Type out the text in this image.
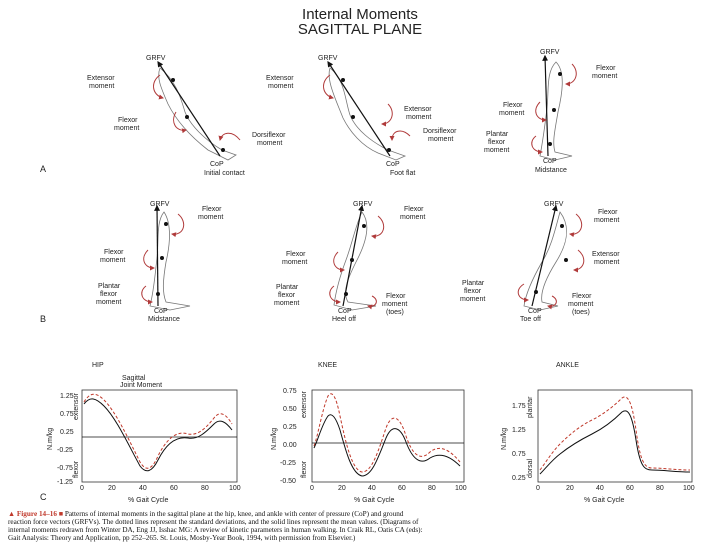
Internal Moments
SAGITTAL PLANE
A
GRFV
CoP
Initial contact
Extensor moment
Flexor moment
Dorsiflexor moment
GRFV
CoP
Foot flat
Extensor moment
Extensor moment
Dorsiflexor moment
GRFV
CoP
Midstance
Flexor moment
Flexor moment
Plantar flexor moment
B
GRFV
CoP
Midstance
Flexor moment
Flexor moment
Plantar flexor moment
GRFV
CoP
Heel off
Flexor moment
Flexor moment
Plantar flexor moment
Flexor moment (toes)
GRFV
CoP
Toe off
Flexor moment
Extensor moment
Plantar flexor moment	Flexor moment (toes)
C
HIP
Sagittal Joint Moment
1.25
0.75
0.25
-0.25
-0.75
-1.25
0	20	40	60	80	100
% Gait Cycle
N.m/kg
extensor
flexor
KNEE
0.75
0.50
0.25
0.00
-0.25
-0.50
0	20	40	60	80	100
% Gait Cycle
N.m/kg
extensor
flexor
ANKLE
1.75
1.25
0.75
0.25
0	20	40	60	80	100
% Gait Cycle
N.m/kg
plantar
dorsal
▲ Figure 14–16 ■ Patterns of internal moments in the sagittal plane at the hip, knee, and ankle with center of pressure (CoP) and ground
reaction force vectors (GRFVs). The dotted lines represent the standard deviations, and the solid lines represent the mean values. (Diagrams of
internal moments redrawn from Winter DA, Eng JJ, Isshac MG: A review of kinetic parameters in human walking. In Craik RL, Oatis CA (eds):
Gait Analysis: Theory and Application, pp 252–265. St. Louis, Mosby-Year Book, 1994, with permission from Elsevier.)
